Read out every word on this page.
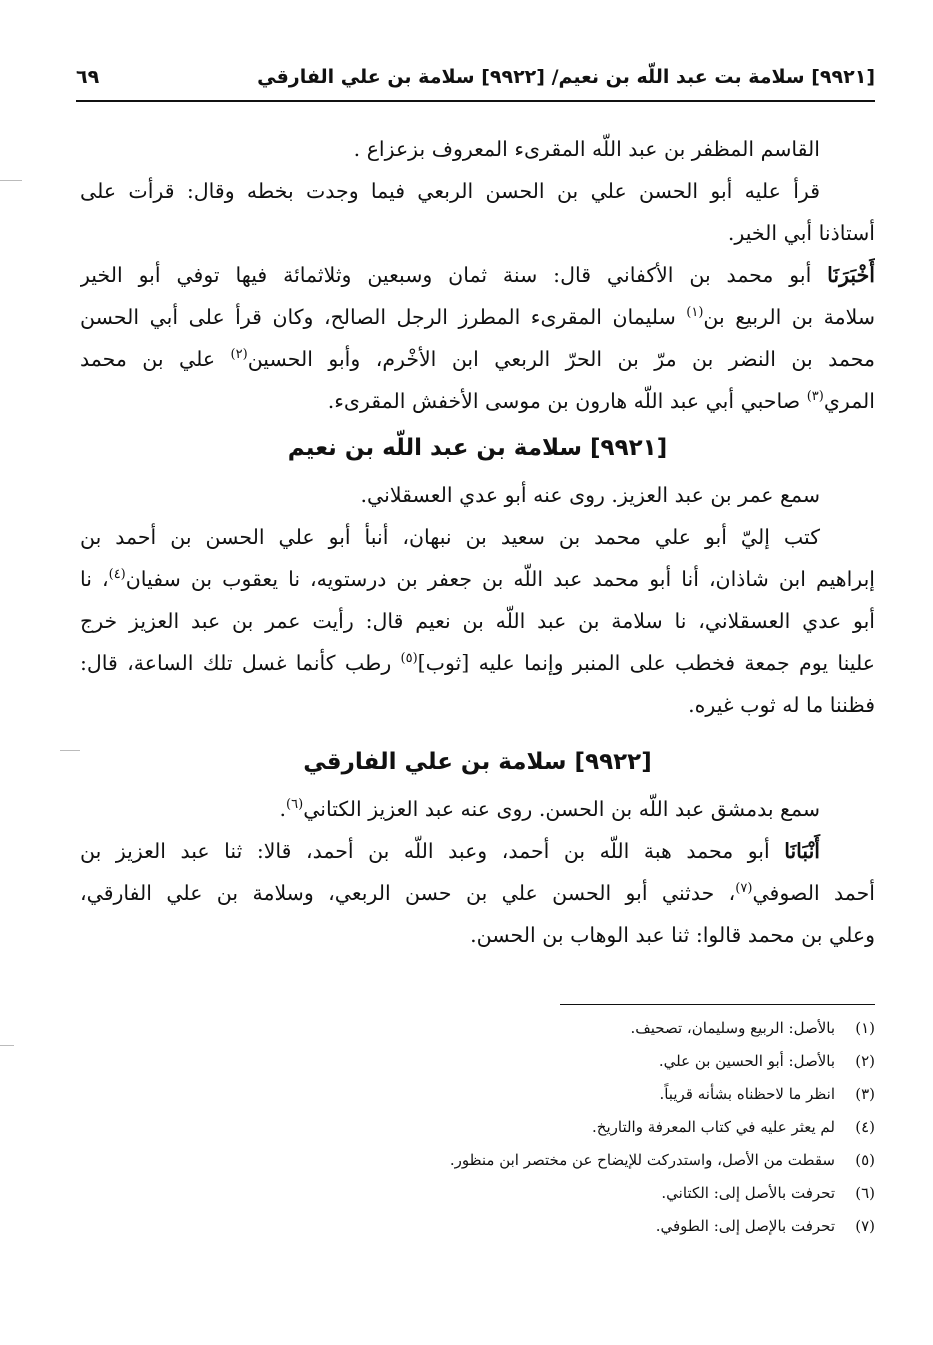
[٩٩٢١] سلامة بت عبد اللّه بن نعيم/ [٩٩٢٢] سلامة بن علي الفارقي
٦٩
القاسم المظفر بن عبد اللّه المقرىء المعروف بزعزاع .
قرأ عليه أبو الحسن علي بن الحسن الربعي فيما وجدت بخطه وقال: قرأت على
أستاذنا أبي الخير.
أَخْبَرَنَا أبو محمد بن الأكفاني قال: سنة ثمان وسبعين وثلاثمائة فيها توفي أبو الخير
سلامة بن الربيع بن$^{(١)}$ سليمان المقرىء المطرز الرجل الصالح، وكان قرأ على أبي الحسن
محمد بن النضر بن مرّ بن الحرّ الربعي ابن الأخْرم، وأبو الحسين$^{(٢)}$ علي بن محمد
المري$^{(٣)}$ صاحبي أبي عبد اللّه هارون بن موسى الأخفش المقرىء.
[٩٩٢١] سلامة بن عبد اللّه بن نعيم
سمع عمر بن عبد العزيز. روى عنه أبو عدي العسقلاني.
كتب إليّ أبو علي محمد بن سعيد بن نبهان، أنبأ أبو علي الحسن بن أحمد بن
إبراهيم ابن شاذان، أنا أبو محمد عبد اللّه بن جعفر بن درستويه، نا يعقوب بن سفيان$^{(٤)}$، نا
أبو عدي العسقلاني، نا سلامة بن عبد اللّه بن نعيم قال: رأيت عمر بن عبد العزيز خرج
علينا يوم جمعة فخطب على المنبر وإنما عليه [ثوب]$^{(٥)}$ رطب كأنما غسل تلك الساعة، قال:
فظننا ما له ثوب غيره.
[٩٩٢٢] سلامة بن علي الفارقي
سمع بدمشق عبد اللّه بن الحسن. روى عنه عبد العزيز الكتاني$^{(٦)}$.
أَنْبَانَا أبو محمد هبة اللّه بن أحمد، وعبد اللّه بن أحمد، قالا: ثنا عبد العزيز بن
أحمد الصوفي$^{(٧)}$، حدثني أبو الحسن علي بن حسن الربعي، وسلامة بن علي الفارقي،
وعلي بن محمد قالوا: ثنا عبد الوهاب بن الحسن.
(١)بالأصل: الربيع وسليمان، تصحيف.
(٢)بالأصل: أبو الحسين بن علي.
(٣)انظر ما لاحظناه بشأنه قريباً.
(٤)لم يعثر عليه في كتاب المعرفة والتاريخ.
(٥)سقطت من الأصل، واستدركت للإيضاح عن مختصر ابن منظور.
(٦)تحرفت بالأصل إلى: الكتاني.
(٧)تحرفت بالإصل إلى: الطوفي.
